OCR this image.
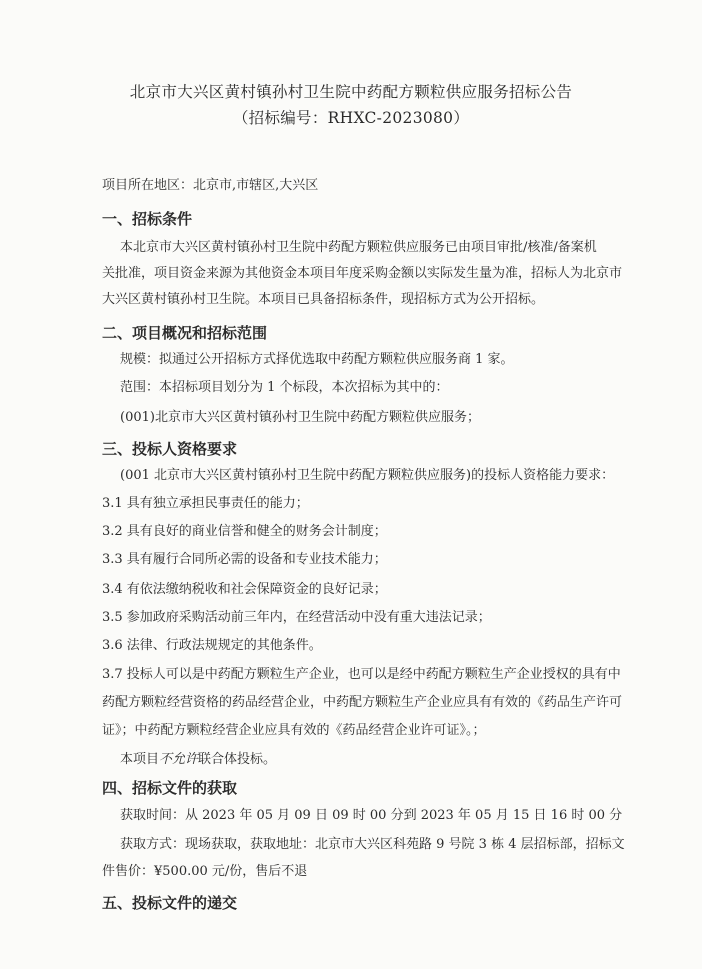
北京市大兴区黄村镇孙村卫生院中药配方颗粒供应服务招标公告
（招标编号：RHXC-2023080）
项目所在地区：北京市,市辖区,大兴区
一、招标条件
本北京市大兴区黄村镇孙村卫生院中药配方颗粒供应服务已由项目审批/核准/备案机
关批准，项目资金来源为其他资金本项目年度采购金额以实际发生量为准，招标人为北京市
大兴区黄村镇孙村卫生院。本项目已具备招标条件，现招标方式为公开招标。
二、项目概况和招标范围
规模：拟通过公开招标方式择优选取中药配方颗粒供应服务商 1 家。
范围：本招标项目划分为 1 个标段，本次招标为其中的：
(001)北京市大兴区黄村镇孙村卫生院中药配方颗粒供应服务；
三、投标人资格要求
(001 北京市大兴区黄村镇孙村卫生院中药配方颗粒供应服务)的投标人资格能力要求：
3.1 具有独立承担民事责任的能力；
3.2 具有良好的商业信誉和健全的财务会计制度；
3.3 具有履行合同所必需的设备和专业技术能力；
3.4 有依法缴纳税收和社会保障资金的良好记录；
3.5 参加政府采购活动前三年内，在经营活动中没有重大违法记录；
3.6 法律、行政法规规定的其他条件。
3.7 投标人可以是中药配方颗粒生产企业，也可以是经中药配方颗粒生产企业授权的具有中
药配方颗粒经营资格的药品经营企业，中药配方颗粒生产企业应具有有效的《药品生产许可
证》；中药配方颗粒经营企业应具有效的《药品经营企业许可证》。；
本项目不允许联合体投标。
四、招标文件的获取
获取时间：从 2023 年 05 月 09 日 09 时 00 分到 2023 年 05 月 15 日 16 时 00 分
获取方式：现场获取，获取地址：北京市大兴区科苑路 9 号院 3 栋 4 层招标部，招标文
件售价：¥500.00 元/份，售后不退
五、投标文件的递交
